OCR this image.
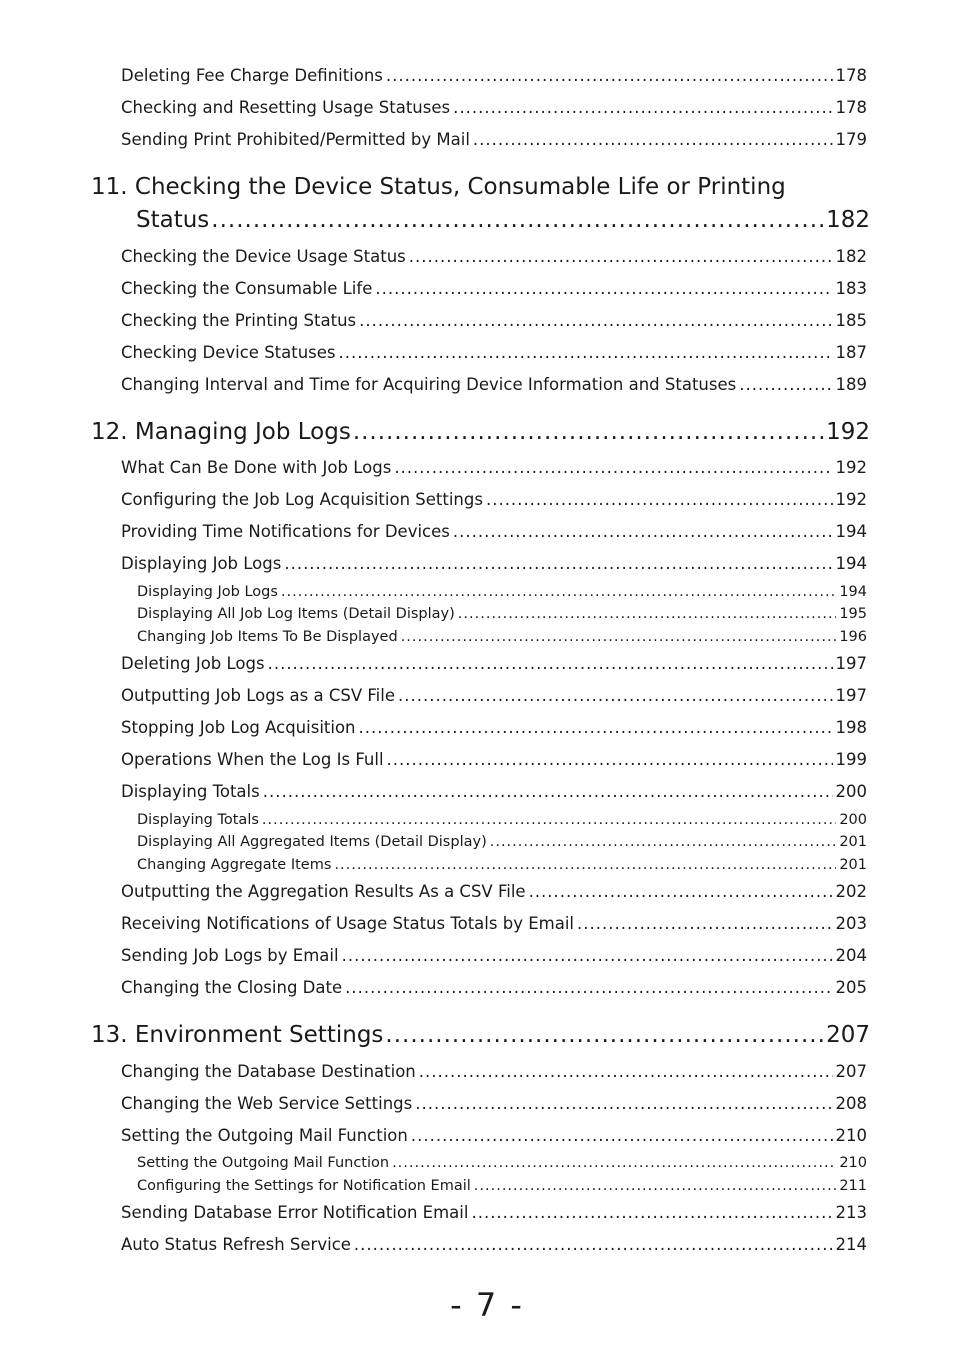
Deleting Fee Charge Definitions .....	178
Checking and Resetting Usage Statuses .....	178
Sending Print Prohibited/Permitted by Mail .....	179
11. Checking the Device Status, Consumable Life or Printing
Status .....	182
Checking the Device Usage Status .....	182
Checking the Consumable Life .....	183
Checking the Printing Status .....	185
Checking Device Statuses .....	187
Changing Interval and Time for Acquiring Device Information and Statuses .....	189
12. Managing Job Logs .....	192
What Can Be Done with Job Logs .....	192
Configuring the Job Log Acquisition Settings .....	192
Providing Time Notifications for Devices .....	194
Displaying Job Logs .....	194
Displaying Job Logs .....	194
Displaying All Job Log Items (Detail Display) .....	195
Changing Job Items To Be Displayed .....	196
Deleting Job Logs .....	197
Outputting Job Logs as a CSV File .....	197
Stopping Job Log Acquisition .....	198
Operations When the Log Is Full .....	199
Displaying Totals .....	200
Displaying Totals .....	200
Displaying All Aggregated Items (Detail Display) .....	201
Changing Aggregate Items .....	201
Outputting the Aggregation Results As a CSV File .....	202
Receiving Notifications of Usage Status Totals by Email .....	203
Sending Job Logs by Email .....	204
Changing the Closing Date .....	205
13. Environment Settings .....	207
Changing the Database Destination .....	207
Changing the Web Service Settings .....	208
Setting the Outgoing Mail Function .....	210
Setting the Outgoing Mail Function .....	210
Configuring the Settings for Notification Email .....	211
Sending Database Error Notification Email .....	213
Auto Status Refresh Service .....	214
- 7 -
